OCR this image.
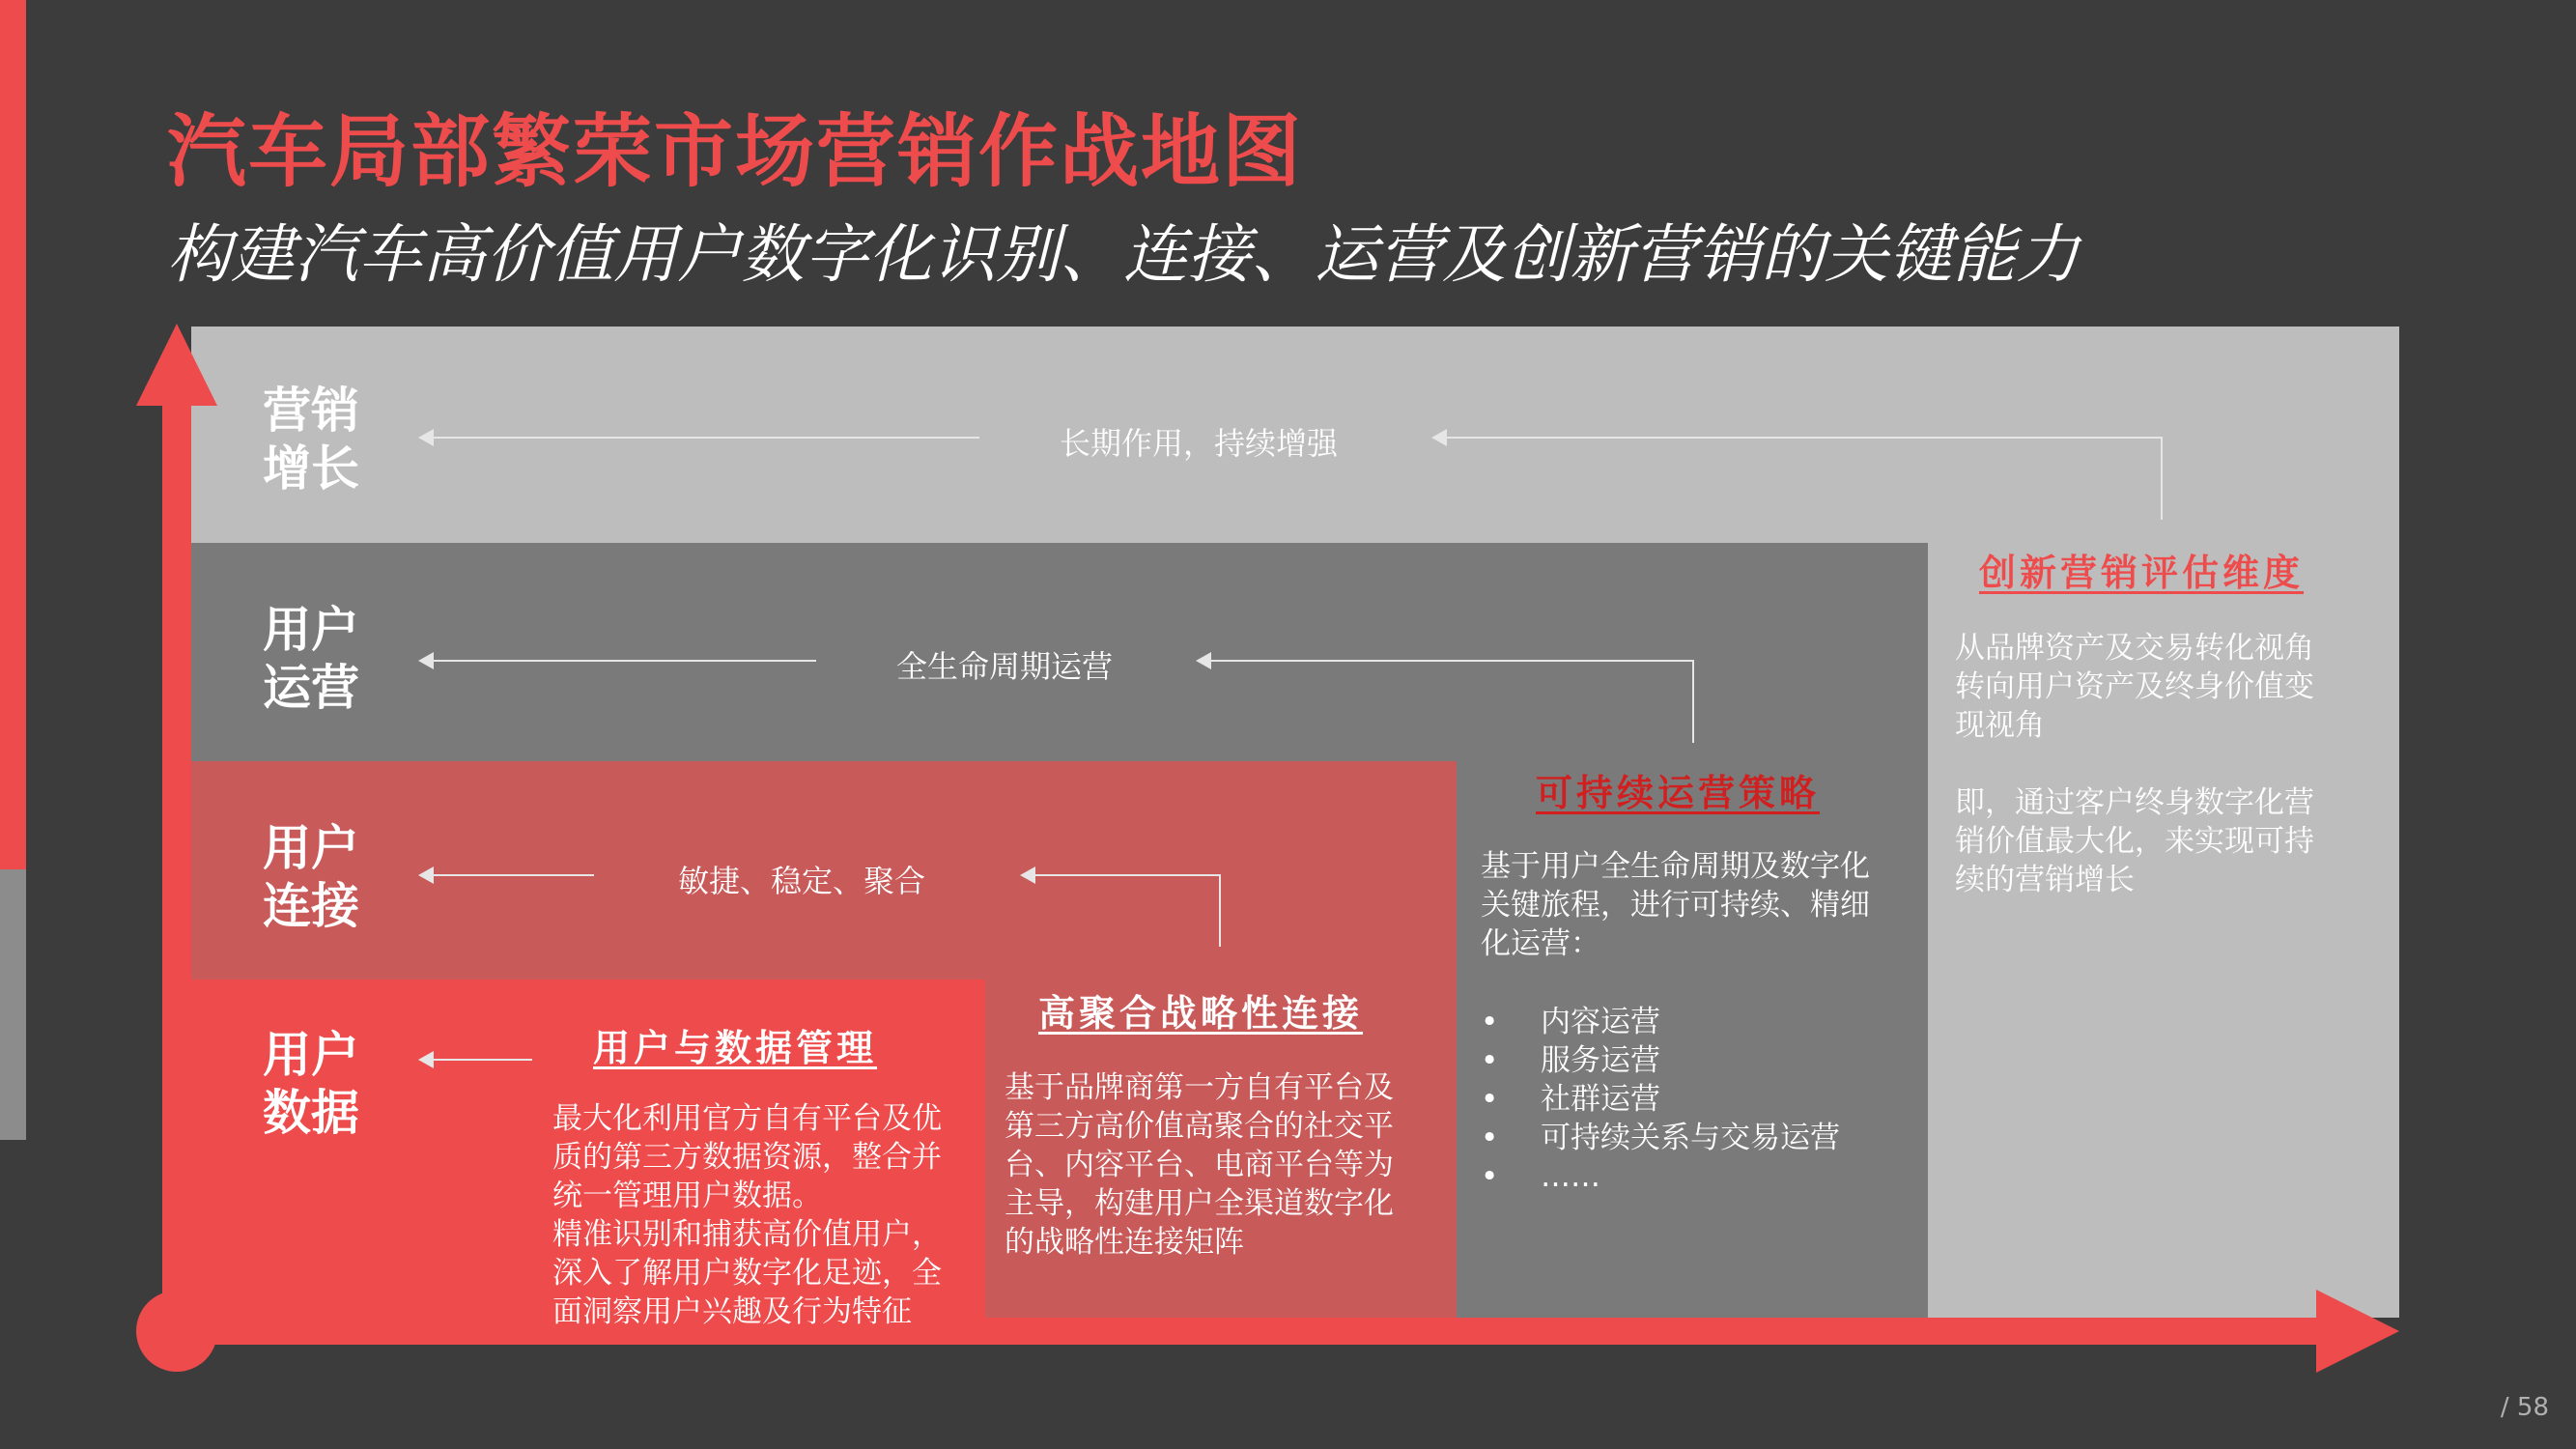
汽车局部繁荣市场营销作战地图
构建汽车高价值用户数字化识别、连接、运营及创新营销的关键能力
营销
增长
用户
运营
用户
连接
用户
数据
长期作用，持续增强
全生命周期运营
敏捷、稳定、聚合
用户与数据管理

最大化利用官方自有平台及优

质的第三方数据资源，整合并

统一管理用户数据。

精准识别和捕获高价值用户，

深入了解用户数字化足迹，全

面洞察用户兴趣及行为特征

高聚合战略性连接

基于品牌商第一方自有平台及

第三方高价值高聚合的社交平

台、内容平台、电商平台等为

主导，构建用户全渠道数字化

的战略性连接矩阵

可持续运营策略

基于用户全生命周期及数字化

关键旅程，进行可持续、精细

化运营：

• 内容运营
• 服务运营
• 社群运营
• 可持续关系与交易运营
• ……
创新营销评估维度

从品牌资产及交易转化视角

转向用户资产及终身价值变

现视角

即，通过客户终身数字化营

销价值最大化，来实现可持

续的营销增长

/ 58
